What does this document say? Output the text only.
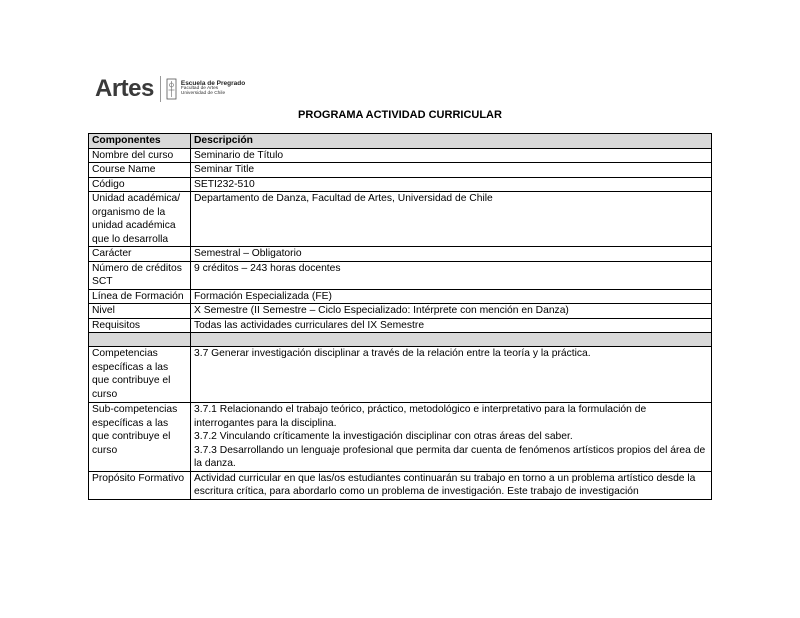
Artes	Escuela de Pregrado
Facultad de Artes
Universidad de Chile
PROGRAMA ACTIVIDAD CURRICULAR
Componentes	Descripción
Nombre del curso	Seminario de Título
Course Name	Seminar Title
Código	SETI232-510
Unidad académica/ organismo de la unidad académica que lo desarrolla	Departamento de Danza, Facultad de Artes, Universidad de Chile
Carácter	Semestral – Obligatorio
Número de créditos SCT	9 créditos – 243 horas docentes
Línea de Formación	Formación Especializada (FE)
Nivel	X Semestre (II Semestre – Ciclo Especializado: Intérprete con mención en Danza)
Requisitos	Todas las actividades curriculares del IX Semestre

Competencias específicas a las que contribuye el curso	3.7 Generar investigación disciplinar a través de la relación entre la teoría y la práctica.
Sub-competencias específicas a las que contribuye el curso	3.7.1 Relacionando el trabajo teórico, práctico, metodológico e interpretativo para la formulación de interrogantes para la disciplina.
3.7.2 Vinculando críticamente la investigación disciplinar con otras áreas del saber.
3.7.3 Desarrollando un lenguaje profesional que permita dar cuenta de fenómenos artísticos propios del área de la danza.

Propósito Formativo	Actividad curricular en que las/os estudiantes continuarán su trabajo en torno a un problema artístico desde la escritura crítica, para abordarlo como un problema de investigación. Este trabajo de investigación
